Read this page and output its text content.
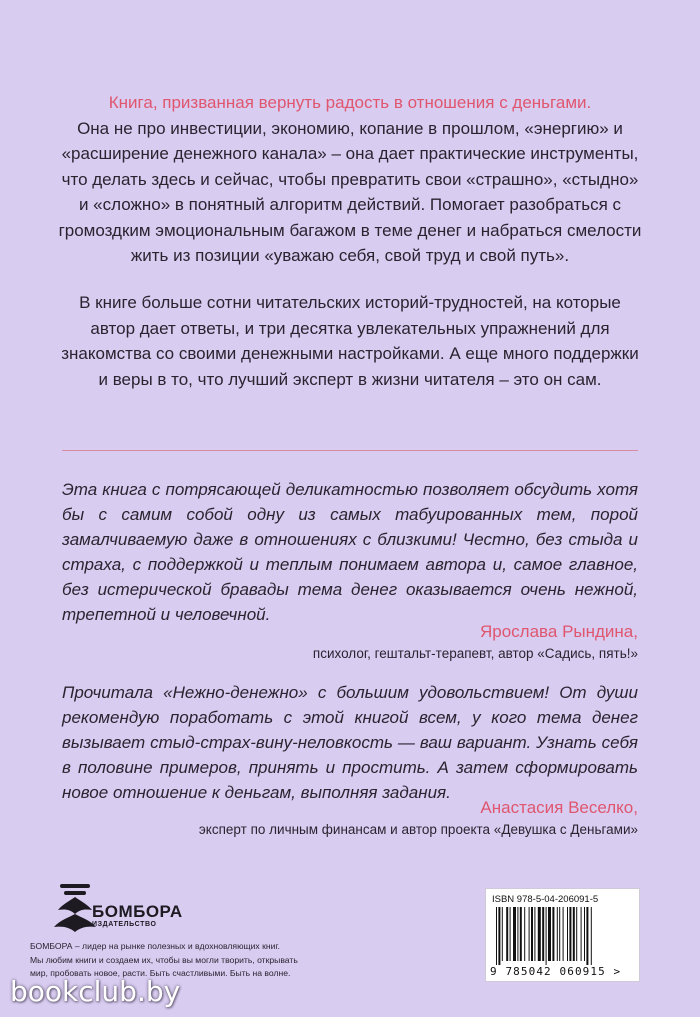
Книга, призванная вернуть радость в отношения с деньгами.
Она не про инвестиции, экономию, копание в прошлом, «энергию» и «расширение денежного канала» – она дает практические инструменты, что делать здесь и сейчас, чтобы превратить свои «страшно», «стыдно» и «сложно» в понятный алгоритм действий. Помогает разобраться с громоздким эмоциональным багажом в теме денег и набраться смелости жить из позиции «уважаю себя, свой труд и свой путь».
В книге больше сотни читательских историй-трудностей, на которые автор дает ответы, и три десятка увлекательных упражнений для знакомства со своими денежными настройками. А еще много поддержки и веры в то, что лучший эксперт в жизни читателя – это он сам.
Эта книга с потрясающей деликатностью позволяет обсудить хотя бы с самим собой одну из самых табуированных тем, порой замалчиваемую даже в отношениях с близкими! Честно, без стыда и страха, с поддержкой и теплым понимаем автора и, самое главное, без истерической бравады тема денег оказывается очень нежной, трепетной и человечной.
Ярослава Рындина,
психолог, гештальт-терапевт, автор «Садись, пять!»
Прочитала «Нежно-денежно» с большим удовольствием! От души рекомендую поработать с этой книгой всем, у кого тема денег вызывает стыд-страх-вину-неловкость — ваш вариант. Узнать себя в половине примеров, принять и простить. А затем сформировать новое отношение к деньгам, выполняя задания.
Анастасия Веселко,
эксперт по личным финансам и автор проекта «Девушка с Деньгами»
БОМБОРА
ИЗДАТЕЛЬСТВО
БОМБОРА – лидер на рынке полезных и вдохновляющих книг.
Мы любим книги и создаем их, чтобы вы могли творить, открывать
мир, пробовать новое, расти. Быть счастливыми. Быть на волне.
ISBN 978-5-04-206091-5
9 785042 060915 >
bookclub.by
